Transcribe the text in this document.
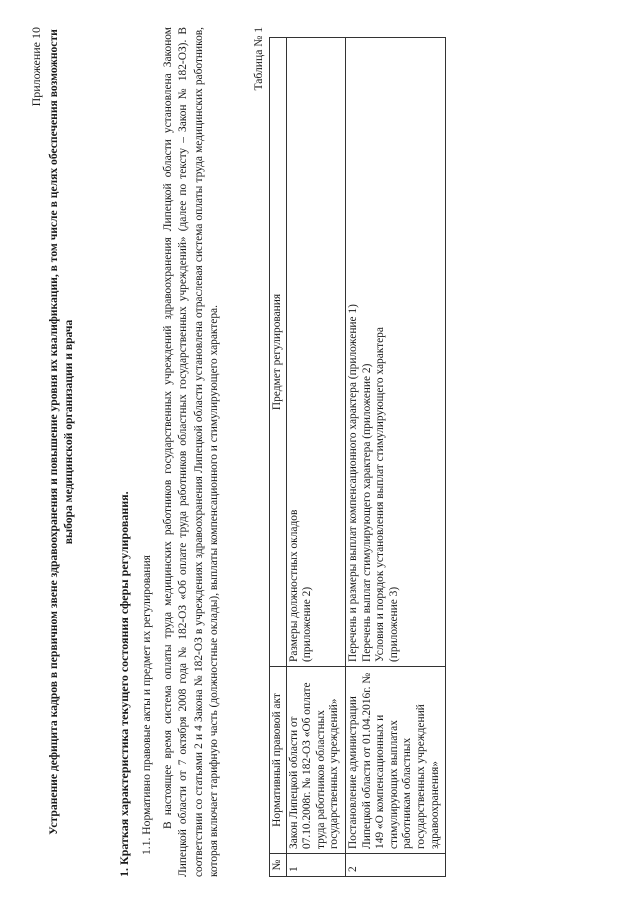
Приложение 10 Устранение дефицита кадров в первичном звене здравоохранения и повышение уровня их квалификации, в том числе в целях обеспечения возможности выбора медицинской организации и врача

1. Краткая характеристика текущего состояния сферы регулирования. 1.1. Нормативно правовые акты и предмет их регулирования В настоящее время система оплаты труда медицинских работников государственных учреждений здравоохранения Липецкой области установлена Законом Липецкой области от 7 октября 2008 года № 182-ОЗ «Об оплате труда работников областных государственных учреждений» (далее по тексту – Закон № 182-ОЗ). В соответствии со статьями 2 и 4 Закона № 182-ОЗ в учреждениях здравоохранения Липецкой области установлена отраслевая система оплаты труда медицинских работников, которая включает тарифную часть (должностные оклады), выплаты компенсационного и стимулирующего характера.

Таблица № 1

№	Нормативный правовой акт	Предмет регулирования
1	Закон Липецкой области от 07.10.2008г. № 182-ОЗ «Об оплате труда работников областных государственных учреждений»	Размеры должностных окладов (приложение 2)

2	Постановление администрации Липецкой области от 01.04.2016г. № 149 «О компенсационных и стимулирующих выплатах работникам областных государственных учреждений здравоохранения»	Перечень и размеры выплат компенсационного характера (приложение 1) Перечень выплат стимулирующего характера (приложение 2) Условия и порядок установления выплат стимулирующего характера (приложение 3)
